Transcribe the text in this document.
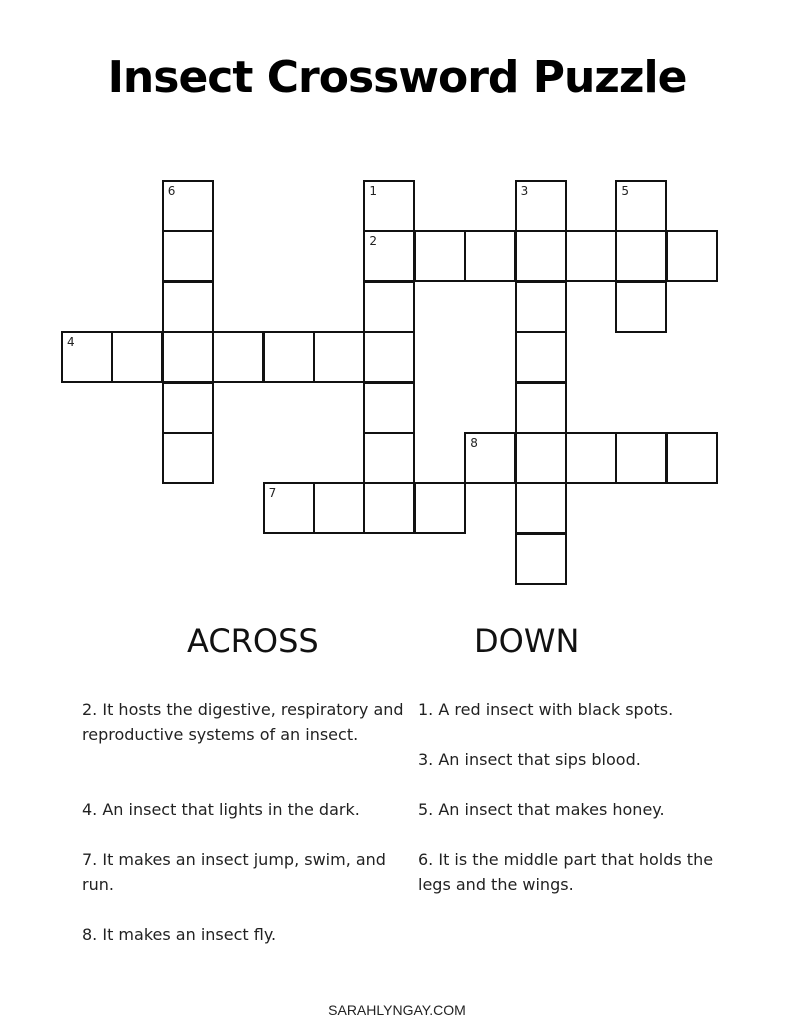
Insect Crossword Puzzle
6	1	3	5
2
4
8
7
ACROSS	DOWN
2. It hosts the digestive, respiratory and reproductive systems of an insect.
4. An insect that lights in the dark.
7. It makes an insect jump, swim, and run.
8. It makes an insect fly.
1. A red insect with black spots.
3. An insect that sips blood.
5. An insect that makes honey.
6. It is the middle part that holds the legs and the wings.
SARAHLYNGAY.COM
